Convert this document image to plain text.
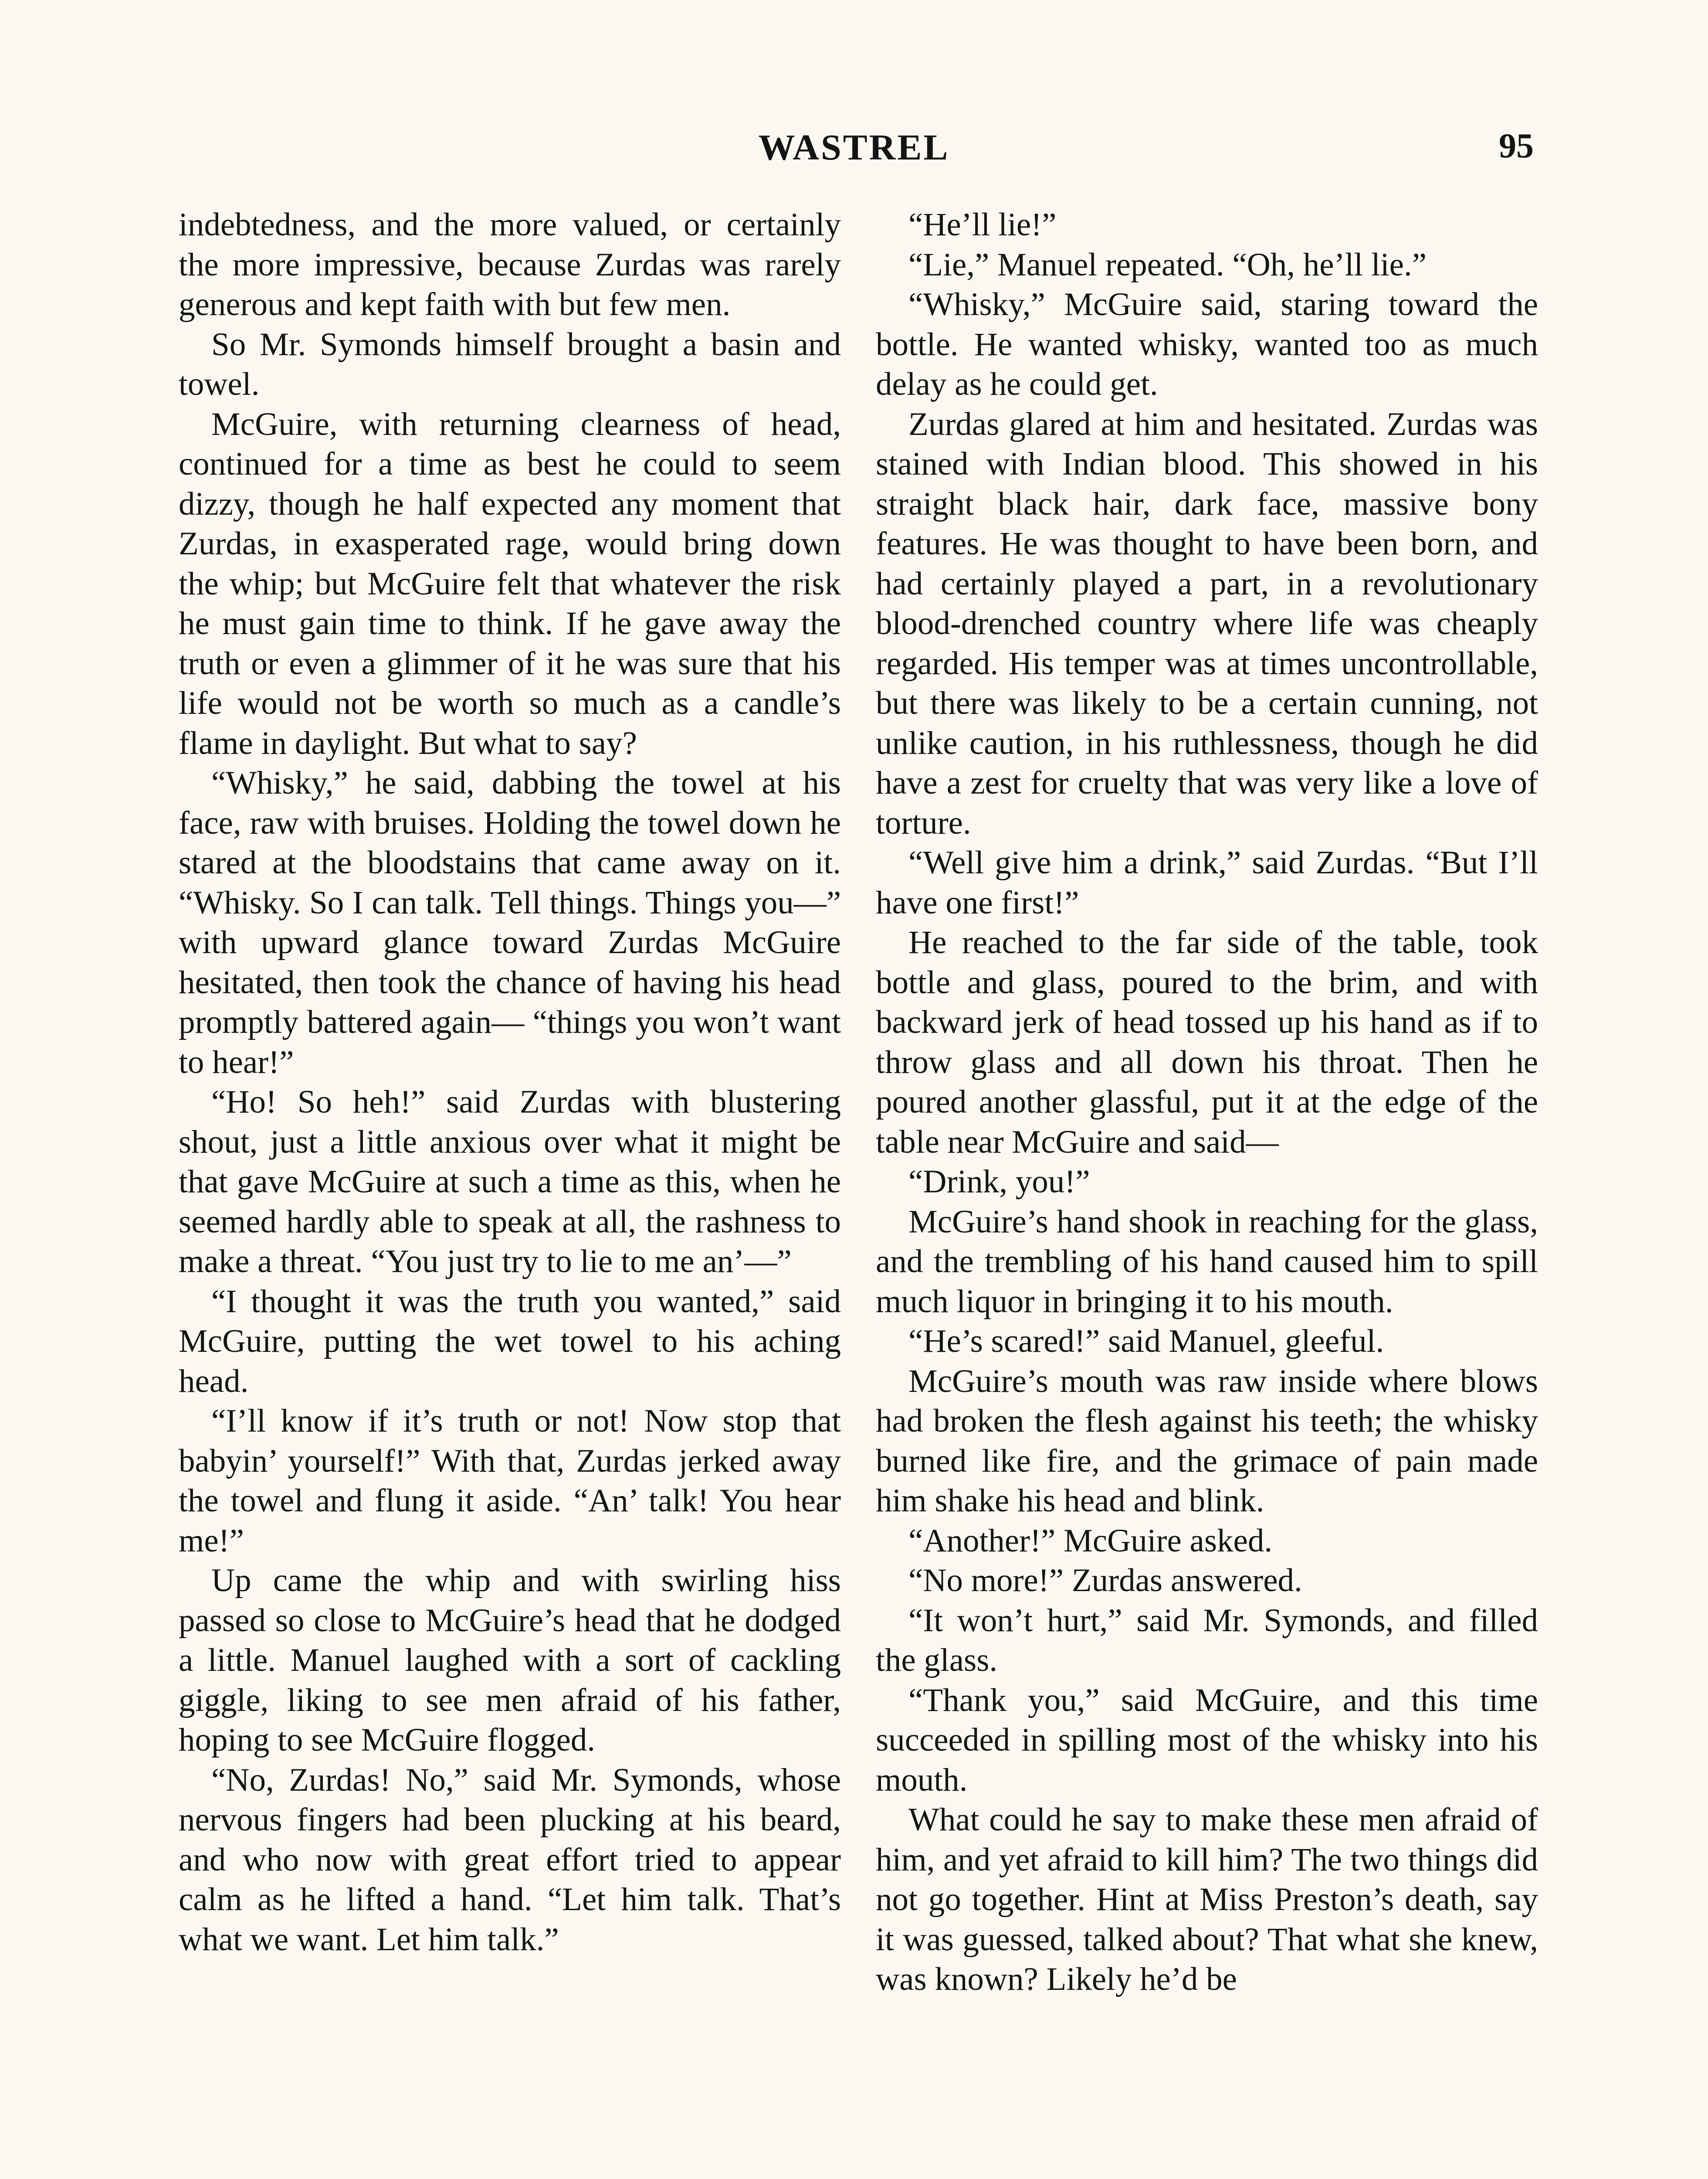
WASTREL	95

indebtedness, and the more valued, or certainly the more impressive, because Zurdas was rarely generous and kept faith with but few men.

So Mr. Symonds himself brought a basin and towel.

McGuire, with returning clearness of head, continued for a time as best he could to seem dizzy, though he half expected any moment that Zurdas, in exasperated rage, would bring down the whip; but McGuire felt that whatever the risk he must gain time to think. If he gave away the truth or even a glimmer of it he was sure that his life would not be worth so much as a candle’s flame in daylight. But what to say?

“Whisky,” he said, dabbing the towel at his face, raw with bruises. Holding the towel down he stared at the bloodstains that came away on it. “Whisky. So I can talk. Tell things. Things you—” with upward glance toward Zurdas McGuire hesitated, then took the chance of having his head promptly battered again— “things you won’t want to hear!”

“Ho! So heh!” said Zurdas with blustering shout, just a little anxious over what it might be that gave McGuire at such a time as this, when he seemed hardly able to speak at all, the rashness to make a threat. “You just try to lie to me an’—”

“I thought it was the truth you wanted,” said McGuire, putting the wet towel to his aching head.

“I’ll know if it’s truth or not! Now stop that babyin’ yourself!” With that, Zurdas jerked away the towel and flung it aside. “An’ talk! You hear me!”

Up came the whip and with swirling hiss passed so close to McGuire’s head that he dodged a little. Manuel laughed with a sort of cackling giggle, liking to see men afraid of his father, hoping to see McGuire flogged.

“No, Zurdas! No,” said Mr. Symonds, whose nervous fingers had been plucking at his beard, and who now with great effort tried to appear calm as he lifted a hand. “Let him talk. That’s what we want. Let him talk.”

“He’ll lie!”

“Lie,” Manuel repeated. “Oh, he’ll lie.”

“Whisky,” McGuire said, staring toward the bottle. He wanted whisky, wanted too as much delay as he could get.

Zurdas glared at him and hesitated. Zurdas was stained with Indian blood. This showed in his straight black hair, dark face, massive bony features. He was thought to have been born, and had certainly played a part, in a revolutionary blood-drenched country where life was cheaply regarded. His temper was at times uncontrollable, but there was likely to be a certain cunning, not unlike caution, in his ruthlessness, though he did have a zest for cruelty that was very like a love of torture.

“Well give him a drink,” said Zurdas. “But I’ll have one first!”

He reached to the far side of the table, took bottle and glass, poured to the brim, and with backward jerk of head tossed up his hand as if to throw glass and all down his throat. Then he poured another glassful, put it at the edge of the table near McGuire and said—

“Drink, you!”

McGuire’s hand shook in reaching for the glass, and the trembling of his hand caused him to spill much liquor in bringing it to his mouth.

“He’s scared!” said Manuel, gleeful.

McGuire’s mouth was raw inside where blows had broken the flesh against his teeth; the whisky burned like fire, and the grimace of pain made him shake his head and blink.

“Another!” McGuire asked.

“No more!” Zurdas answered.

“It won’t hurt,” said Mr. Symonds, and filled the glass.

“Thank you,” said McGuire, and this time succeeded in spilling most of the whisky into his mouth.

What could he say to make these men afraid of him, and yet afraid to kill him? The two things did not go together. Hint at Miss Preston’s death, say it was guessed, talked about? That what she knew, was known? Likely he’d be
